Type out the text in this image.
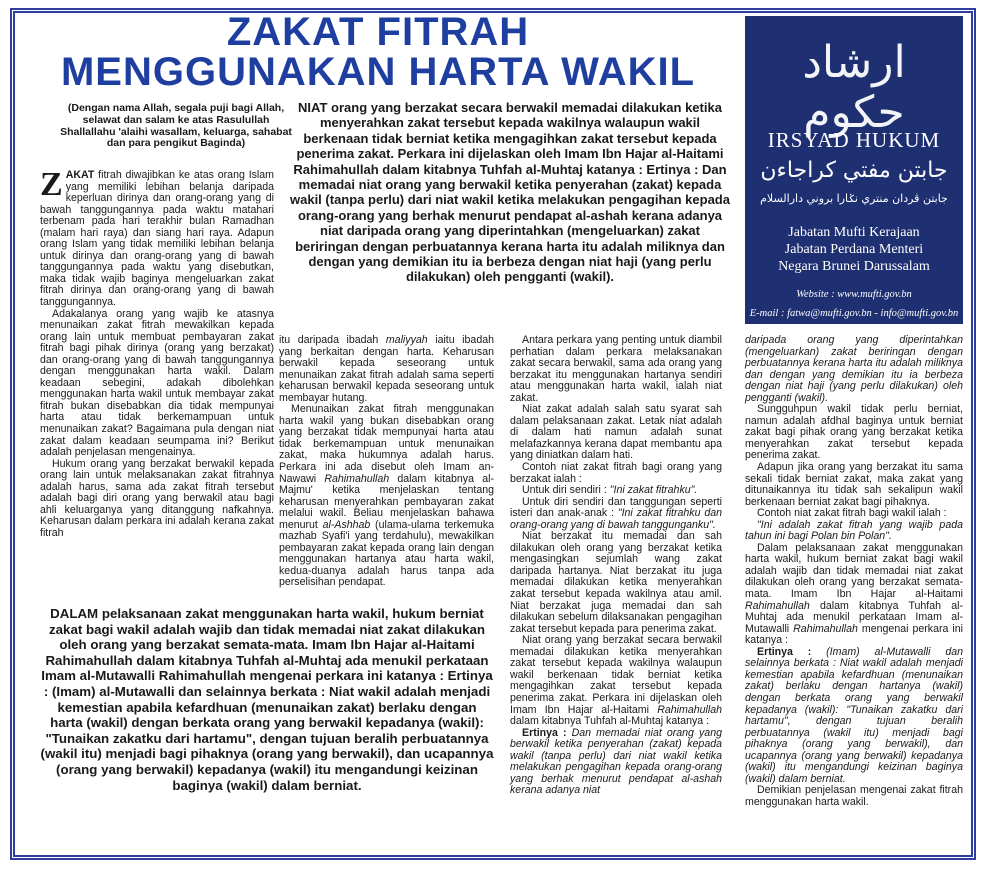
ZAKAT FITRAH
MENGGUNAKAN HARTA WAKIL
(Dengan nama Allah, segala puji bagi Allah, selawat dan salam ke atas Rasulullah Shallallahu 'alaihi wasallam, keluarga, sahabat dan para pengikut Baginda)
ارشاد حكوم
IRSYAD HUKUM
جابتن مفتي كراجاءن
جابتن ڤردان منتري نݢارا بروني دارالسلام
Jabatan Mufti Kerajaan
Jabatan Perdana Menteri
Negara Brunei Darussalam
Website : www.mufti.gov.bn
E-mail : fatwa@mufti.gov.bn - info@mufti.gov.bn
NIAT orang yang berzakat secara berwakil memadai dilakukan ketika menyerahkan zakat tersebut kepada wakilnya walaupun wakil berkenaan tidak berniat ketika mengagihkan zakat tersebut kepada penerima zakat. Perkara ini dijelaskan oleh Imam Ibn Hajar al-Haitami Rahimahullah dalam kitabnya Tuhfah al-Muhtaj katanya : Ertinya : Dan memadai niat orang yang berwakil ketika penyerahan (zakat) kepada wakil (tanpa perlu) dari niat wakil ketika melakukan pengagihan kepada orang-orang yang berhak menurut pendapat al-ashah kerana adanya niat daripada orang yang diperintahkan (mengeluarkan) zakat beriringan dengan perbuatannya kerana harta itu adalah miliknya dan dengan yang demikian itu ia berbeza dengan niat haji (yang perlu dilakukan) oleh pengganti (wakil).

ZAKAT fitrah diwajibkan ke atas orang Islam yang memiliki lebihan belanja daripada keperluan dirinya dan orang-orang yang di bawah tanggungannya pada waktu matahari terbenam pada hari terakhir bulan Ramadhan (malam hari raya) dan siang hari raya. Adapun orang Islam yang tidak memiliki lebihan belanja untuk dirinya dan orang-orang yang di bawah tanggungannya pada waktu yang disebutkan, maka tidak wajib baginya mengeluarkan zakat fitrah dirinya dan orang-orang yang di bawah tanggungannya.

Adakalanya orang yang wajib ke atasnya menunaikan zakat fitrah mewakilkan kepada orang lain untuk membuat pembayaran zakat fitrah bagi pihak dirinya (orang yang berzakat) dan orang-orang yang di bawah tanggungannya dengan menggunakan harta wakil. Dalam keadaan sebegini, adakah dibolehkan menggunakan harta wakil untuk membayar zakat fitrah bukan disebabkan dia tidak mempunyai harta atau tidak berkemampuan untuk menunaikan zakat? Bagaimana pula dengan niat zakat dalam keadaan seumpama ini? Berikut adalah penjelasan mengenainya.

Hukum orang yang berzakat berwakil kepada orang lain untuk melaksanakan zakat fitrahnya adalah harus, sama ada zakat fitrah tersebut adalah bagi diri orang yang berwakil atau bagi ahli keluarganya yang ditanggung nafkahnya. Keharusan dalam perkara ini adalah kerana zakat fitrah

itu daripada ibadah maliyyah iaitu ibadah yang berkaitan dengan harta. Keharusan berwakil kepada seseorang untuk menunaikan zakat fitrah adalah sama seperti keharusan berwakil kepada seseorang untuk membayar hutang.

Menunaikan zakat fitrah menggunakan harta wakil yang bukan disebabkan orang yang berzakat tidak mempunyai harta atau tidak berkemampuan untuk menunaikan zakat, maka hukumnya adalah harus. Perkara ini ada disebut oleh Imam an-Nawawi Rahimahullah dalam kitabnya al-Majmu' ketika menjelaskan tentang keharusan menyerahkan pembayaran zakat melalui wakil. Beliau menjelaskan bahawa menurut al-Ashhab (ulama-ulama terkemuka mazhab Syafi'i yang terdahulu), mewakilkan pembayaran zakat kepada orang lain dengan menggunakan hartanya atau harta wakil, kedua-duanya adalah harus tanpa ada perselisihan pendapat.

DALAM pelaksanaan zakat menggunakan harta wakil, hukum berniat zakat bagi wakil adalah wajib dan tidak memadai niat zakat dilakukan oleh orang yang berzakat semata-mata. Imam Ibn Hajar al-Haitami Rahimahullah dalam kitabnya Tuhfah al-Muhtaj ada menukil perkataan Imam al-Mutawalli Rahimahullah mengenai perkara ini katanya : Ertinya : (Imam) al-Mutawalli dan selainnya berkata : Niat wakil adalah menjadi kemestian apabila kefardhuan (menunaikan zakat) berlaku dengan harta (wakil) dengan berkata orang yang berwakil kepadanya (wakil): "Tunaikan zakatku dari hartamu", dengan tujuan beralih perbuatannya (wakil itu) menjadi bagi pihaknya (orang yang berwakil), dan ucapannya (orang yang berwakil) kepadanya (wakil) itu mengandungi keizinan baginya (wakil) dalam berniat.

Antara perkara yang penting untuk diambil perhatian dalam perkara melaksanakan zakat secara berwakil, sama ada orang yang berzakat itu menggunakan hartanya sendiri atau menggunakan harta wakil, ialah niat zakat.

Niat zakat adalah salah satu syarat sah dalam pelaksanaan zakat. Letak niat adalah di dalam hati namun adalah sunat melafazkannya kerana dapat membantu apa yang diniatkan dalam hati.

Contoh niat zakat fitrah bagi orang yang berzakat ialah :

Untuk diri sendiri : "Ini zakat fitrahku".

Untuk diri sendiri dan tanggungan seperti isteri dan anak-anak : "Ini zakat fitrahku dan orang-orang yang di bawah tanggunganku".

Niat berzakat itu memadai dan sah dilakukan oleh orang yang berzakat ketika mengasingkan sejumlah wang zakat daripada hartanya. Niat berzakat itu juga memadai dilakukan ketika menyerahkan zakat tersebut kepada wakilnya atau amil. Niat berzakat juga memadai dan sah dilakukan sebelum dilaksanakan pengagihan zakat tersebut kepada para penerima zakat.

Niat orang yang berzakat secara berwakil memadai dilakukan ketika menyerahkan zakat tersebut kepada wakilnya walaupun wakil berkenaan tidak berniat ketika mengagihkan zakat tersebut kepada penerima zakat. Perkara ini dijelaskan oleh Imam Ibn Hajar al-Haitami Rahimahullah dalam kitabnya Tuhfah al-Muhtaj katanya :

Ertinya : Dan memadai niat orang yang berwakil ketika penyerahan (zakat) kepada wakil (tanpa perlu) dari niat wakil ketika melakukan pengagihan kepada orang-orang yang berhak menurut pendapat al-ashah kerana adanya niat

daripada orang yang diperintahkan (mengeluarkan) zakat beriringan dengan perbuatannya kerana harta itu adalah miliknya dan dengan yang demikian itu ia berbeza dengan niat haji (yang perlu dilakukan) oleh pengganti (wakil).

Sungguhpun wakil tidak perlu berniat, namun adalah afdhal baginya untuk berniat zakat bagi pihak orang yang berzakat ketika menyerahkan zakat tersebut kepada penerima zakat.

Adapun jika orang yang berzakat itu sama sekali tidak berniat zakat, maka zakat yang ditunaikannya itu tidak sah sekalipun wakil berkenaan berniat zakat bagi pihaknya.

Contoh niat zakat fitrah bagi wakil ialah :

"Ini adalah zakat fitrah yang wajib pada tahun ini bagi Polan bin Polan".

Dalam pelaksanaan zakat menggunakan harta wakil, hukum berniat zakat bagi wakil adalah wajib dan tidak memadai niat zakat dilakukan oleh orang yang berzakat semata-mata. Imam Ibn Hajar al-Haitami Rahimahullah dalam kitabnya Tuhfah al-Muhtaj ada menukil perkataan Imam al-Mutawalli Rahimahullah mengenai perkara ini katanya :

Ertinya : (Imam) al-Mutawalli dan selainnya berkata : Niat wakil adalah menjadi kemestian apabila kefardhuan (menunaikan zakat) berlaku dengan hartanya (wakil) dengan berkata orang yang berwakil kepadanya (wakil): "Tunaikan zakatku dari hartamu", dengan tujuan beralih perbuatannya (wakil itu) menjadi bagi pihaknya (orang yang berwakil), dan ucapannya (orang yang berwakil) kepadanya (wakil) itu mengandungi keizinan baginya (wakil) dalam berniat.

Demikian penjelasan mengenai zakat fitrah menggunakan harta wakil.
